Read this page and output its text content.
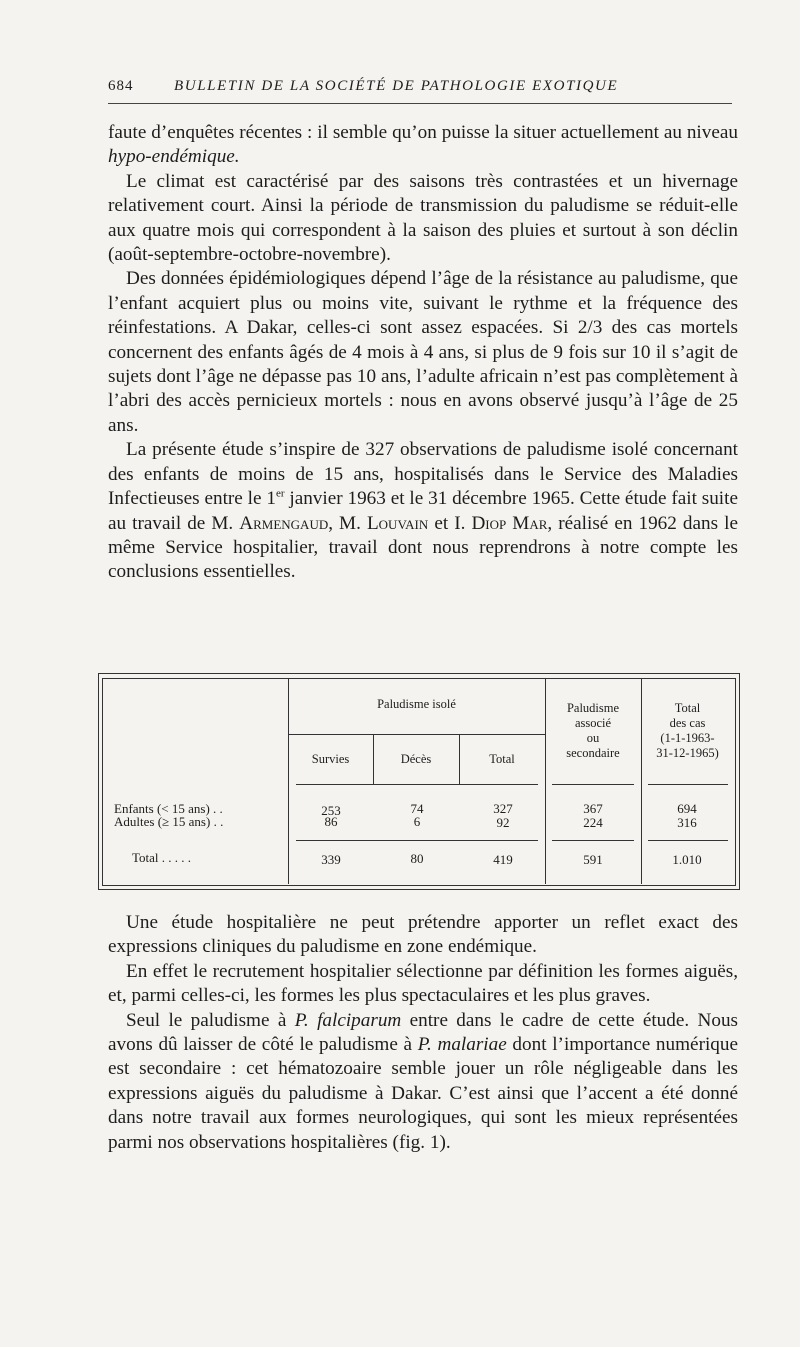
684	BULLETIN DE LA SOCIÉTÉ DE PATHOLOGIE EXOTIQUE

faute d’enquêtes récentes : il semble qu’on puisse la situer actuellement au niveau hypo-endémique.

Le climat est caractérisé par des saisons très contrastées et un hivernage relativement court. Ainsi la période de transmission du paludisme se réduit-elle aux quatre mois qui correspondent à la saison des pluies et surtout à son déclin (août-septembre-octobre-novembre).

Des données épidémiologiques dépend l’âge de la résistance au paludisme, que l’enfant acquiert plus ou moins vite, suivant le rythme et la fréquence des réinfestations. A Dakar, celles-ci sont assez espacées. Si 2/3 des cas mortels concernent des enfants âgés de 4 mois à 4 ans, si plus de 9 fois sur 10 il s’agit de sujets dont l’âge ne dépasse pas 10 ans, l’adulte africain n’est pas complètement à l’abri des accès pernicieux mortels : nous en avons observé jusqu’à l’âge de 25 ans.

La présente étude s’inspire de 327 observations de paludisme isolé concernant des enfants de moins de 15 ans, hospitalisés dans le Service des Maladies Infectieuses entre le 1er janvier 1963 et le 31 décembre 1965. Cette étude fait suite au travail de M. Armengaud, M. Louvain et I. Diop Mar, réalisé en 1962 dans le même Service hospitalier, travail dont nous reprendrons à notre compte les conclusions essentielles.

Paludisme isolé
Survies	Décès	Total
Paludisme
associé
ou
secondaire
Total
des cas
(1-1-1963-
31-12-1965)
Enfants (< 15 ans) . .	253	74	327	367	694
Adultes (≥ 15 ans) . .	86	6	92	224	316
Total . . . . .	339	80	419	591	1.010

Une étude hospitalière ne peut prétendre apporter un reflet exact des expressions cliniques du paludisme en zone endémique.

En effet le recrutement hospitalier sélectionne par définition les formes aiguës, et, parmi celles-ci, les formes les plus spectaculaires et les plus graves.

Seul le paludisme à P. falciparum entre dans le cadre de cette étude. Nous avons dû laisser de côté le paludisme à P. malariae dont l’importance numérique est secondaire : cet hématozoaire semble jouer un rôle négligeable dans les expressions aiguës du paludisme à Dakar. C’est ainsi que l’accent a été donné dans notre travail aux formes neurologiques, qui sont les mieux représentées parmi nos observations hospitalières (fig. 1).
